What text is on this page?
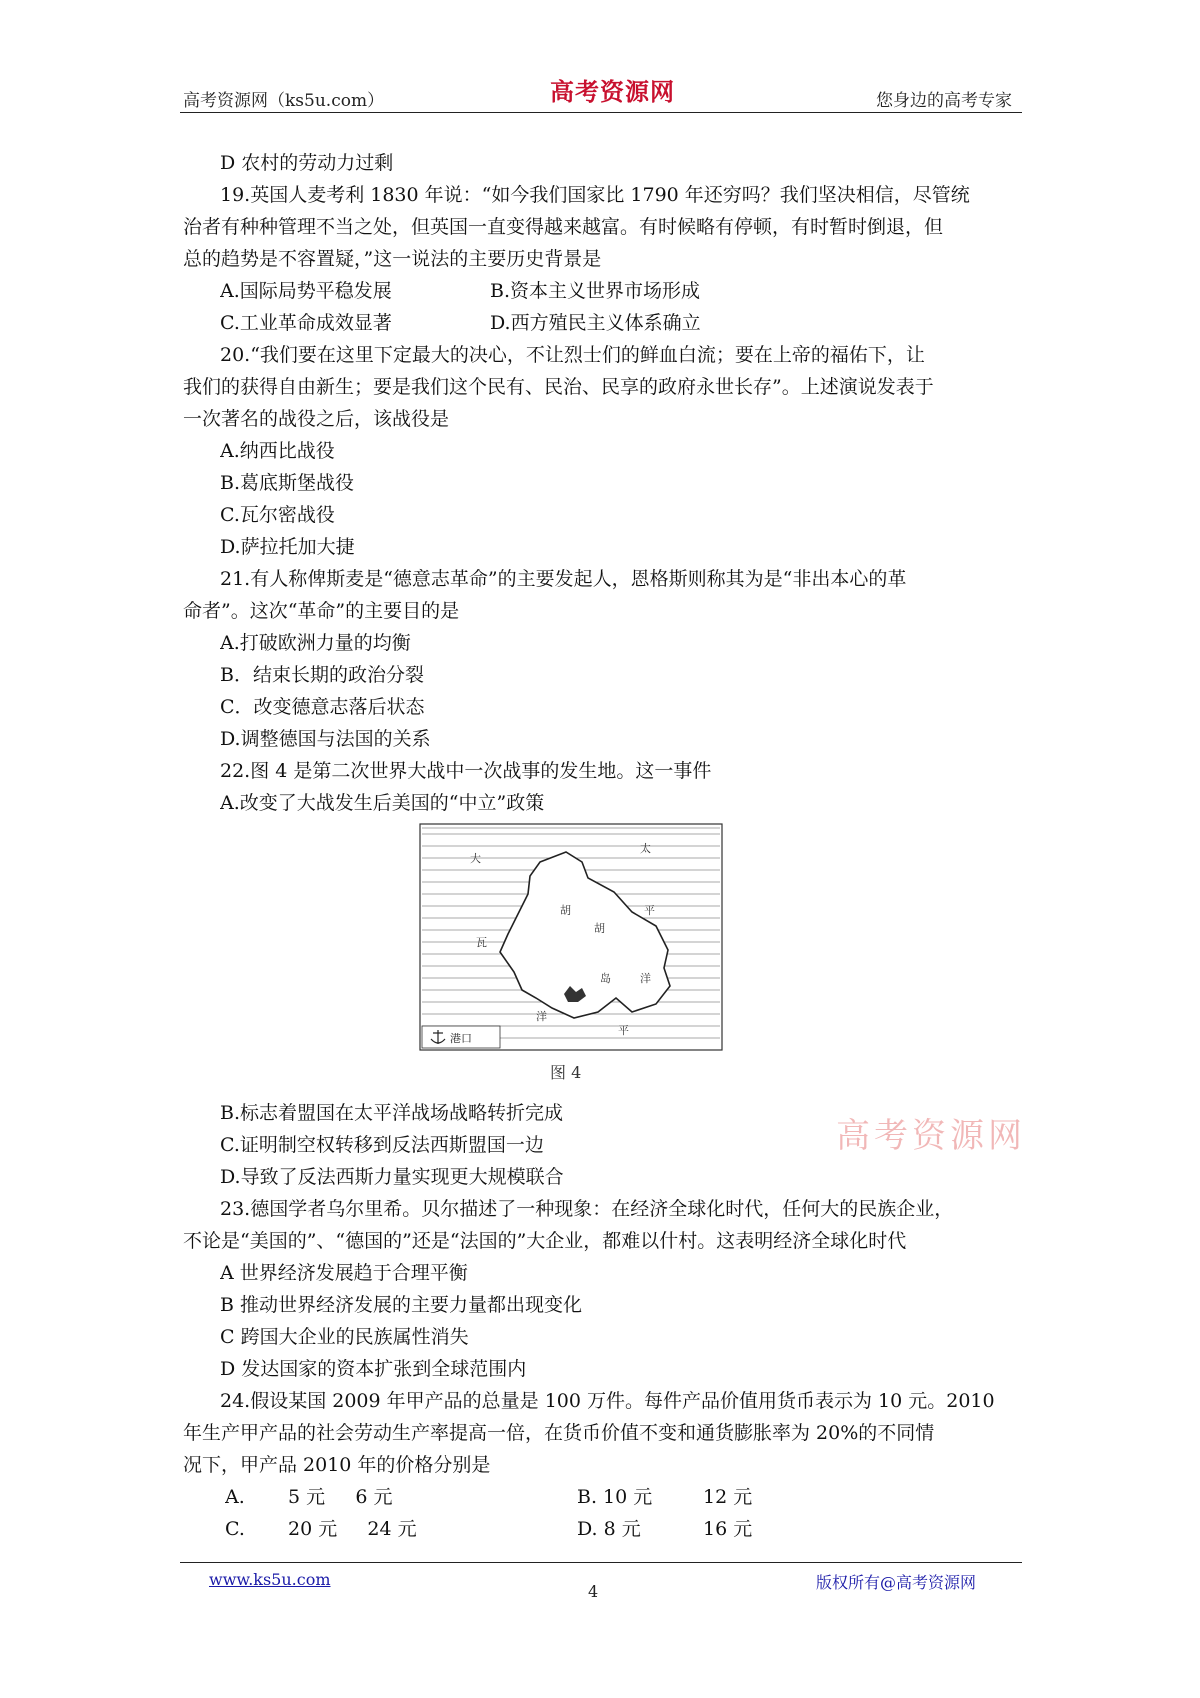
高考资源网（ks5u.com）	高考资源网	您身边的高考专家
D 农村的劳动力过剩
19.英国人麦考利 1830 年说：“如今我们国家比 1790 年还穷吗？我们坚决相信，尽管统
治者有种种管理不当之处，但英国一直变得越来越富。有时候略有停顿，有时暂时倒退，但
总的趋势是不容置疑，”这一说法的主要历史背景是
A.国际局势平稳发展	B.资本主义世界市场形成
C.工业革命成效显著	D.西方殖民主义体系确立
20.“我们要在这里下定最大的决心，不让烈士们的鲜血白流；要在上帝的福佑下，让
我们的获得自由新生；要是我们这个民有、民治、民享的政府永世长存”。上述演说发表于
一次著名的战役之后，该战役是
A.纳西比战役
B.葛底斯堡战役
C.瓦尔密战役
D.萨拉托加大捷
21.有人称俾斯麦是“德意志革命”的主要发起人，恩格斯则称其为是“非出本心的革
命者”。这次“革命”的主要目的是
A.打破欧洲力量的均衡
B．结束长期的政治分裂
C．改变德意志落后状态
D.调整德国与法国的关系
22.图 4 是第二次世界大战中一次战事的发生地。这一事件
A.改变了大战发生后美国的“中立”政策
大
太
胡	平
瓦
胡
岛	洋
洋
平
港口
图 4
B.标志着盟国在太平洋战场战略转折完成
高考资源网
C.证明制空权转移到反法西斯盟国一边
D.导致了反法西斯力量实现更大规模联合
23.德国学者乌尔里希。贝尔描述了一种现象：在经济全球化时代，任何大的民族企业，
不论是“美国的”、“德国的”还是“法国的”大企业，都难以什村。这表明经济全球化时代
A 世界经济发展趋于合理平衡
B 推动世界经济发展的主要力量都出现变化
C 跨国大企业的民族属性消失
D 发达国家的资本扩张到全球范围内
24.假设某国 2009 年甲产品的总量是 100 万件。每件产品价值用货币表示为 10 元。2010
年生产甲产品的社会劳动生产率提高一倍，在货币价值不变和通货膨胀率为 20%的不同情
况下，甲产品 2010 年的价格分别是
A.	5 元     6 元	B. 10 元	12 元
C.	20 元     24 元	D. 8 元	16 元
www.ks5u.com
4	版权所有@高考资源网
